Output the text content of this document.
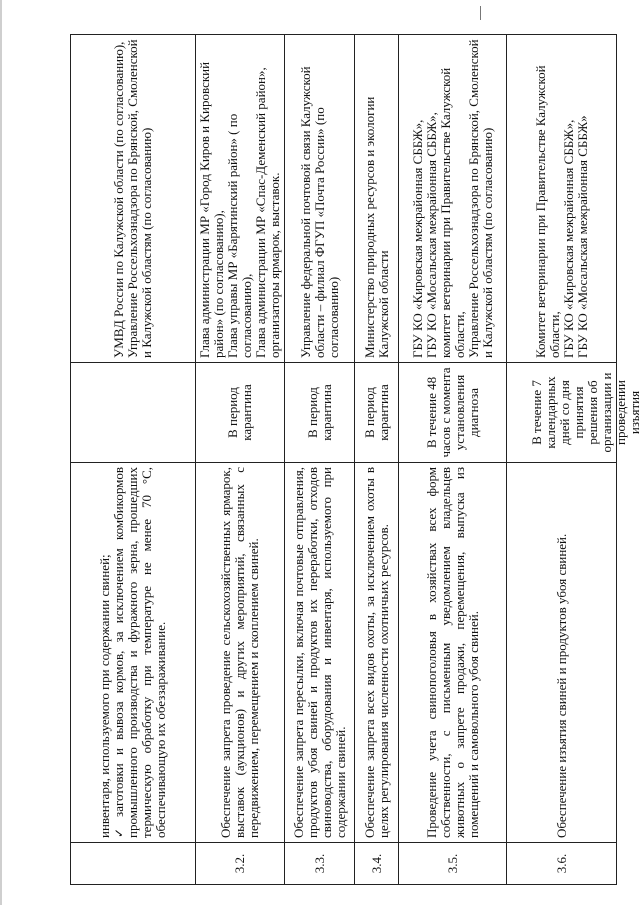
	инвентаря, используемого при содержании свиней; ✓заготовки и вывоза кормов, за исключением комбикормов промышленного производства и фуражного зерна, прошедших термическую обработку при температуре не менее 70 °С, обеспечивающую их обеззараживание.		УМВД России по Калужской области (по согласованию), Управление Россельхознадзора по Брянской, Смоленской и Калужской областям (по согласованию)

3.2.	Обеспечение запрета проведение сельскохозяйственных ярмарок, выставок (аукционов) и других мероприятий, связанных с передвижением, перемещением и скоплением свиней.	В период карантина	Глава администрации МР «Город Киров и Кировский район» (по согласованию), Глава управы МР «Барятинский район» ( по согласованию), Глава администрации МР «Спас-Деменский район», организаторы ярмарок, выставок.

3.3.	Обеспечение запрета пересылки, включая почтовые отправления, продуктов убоя свиней и продуктов их переработки, отходов свиноводства, оборудования и инвентаря, используемого при содержании свиней.	В период карантина	Управление федеральной почтовой связи Калужской области – филиал ФГУП «Почта России» (по согласованию)

3.4.	Обеспечение запрета всех видов охоты, за исключением охоты в целях регулирования численности охотничьих ресурсов.	В период карантина	Министерство природных ресурсов и экологии Калужской области

3.5.	Проведение учета свинопоголовья в хозяйствах всех форм собственности, с письменным уведомлением владельцев животных о запрете продажи, перемещения, выпуска из помещений и самовольного убоя свиней.	В течение 48 часов с момента установления диагноза	ГБУ КО «Кировская межрайонная СББЖ», ГБУ КО «Мосальская межрайонная СББЖ», комитет ветеринарии при Правительстве Калужской области, Управление Россельхознадзора по Брянской, Смоленской и Калужской областям (по согласованию)

3.6.	Обеспечение изъятия свиней и продуктов убоя свиней.	В течение 7 календарных дней со дня принятия решения об организации и проведении изъятия	Комитет ветеринарии при Правительстве Калужской области, ГБУ КО «Кировская межрайонная СББЖ», ГБУ КО «Мосальская межрайонная СББЖ»
